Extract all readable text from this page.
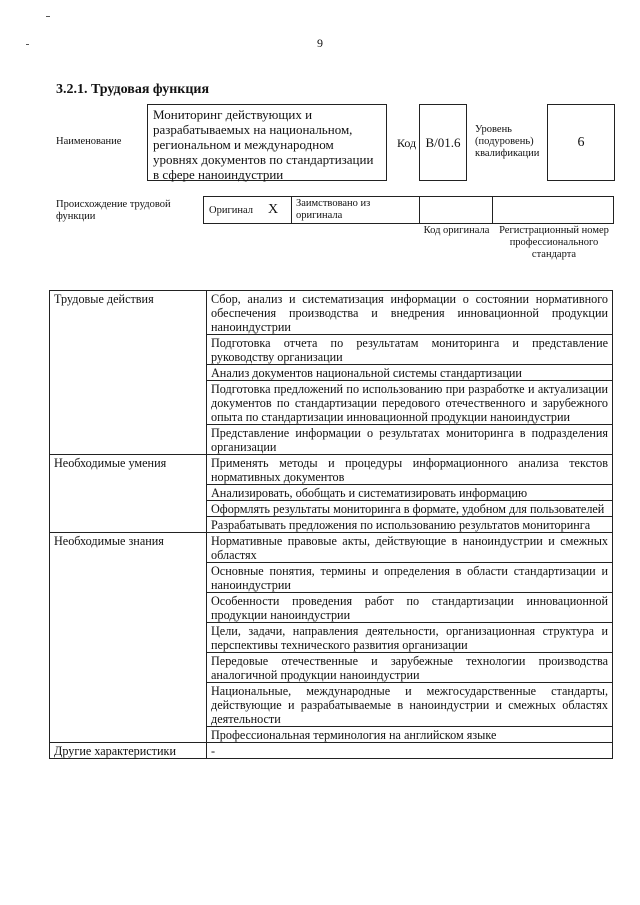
9
3.2.1. Трудовая функция
Наименование
Мониторинг действующих и разрабатываемых на национальном, региональном и международном уровнях документов по стандартизации в сфере наноиндустрии
Код B/01.6
Уровень (подуровень) квалификации
6
Происхождение трудовой функции
Оригинал X Заимствовано из оригинала
Код оригинала Регистрационный номер профессионального стандарта
Трудовые действия	Сбор, анализ и систематизация информации о состоянии нормативного обеспечения производства и внедрения инновационной продукции наноиндустрии
	Подготовка отчета по результатам мониторинга и представление руководству организации
	Анализ документов национальной системы стандартизации
	Подготовка предложений по использованию при разработке и актуализации документов по стандартизации передового отечественного и зарубежного опыта по стандартизации инновационной продукции наноиндустрии
	Представление информации о результатах мониторинга в подразделения организации
Необходимые умения	Применять методы и процедуры информационного анализа текстов нормативных документов
	Анализировать, обобщать и систематизировать информацию
	Оформлять результаты мониторинга в формате, удобном для пользователей
	Разрабатывать предложения по использованию результатов мониторинга
Необходимые знания	Нормативные правовые акты, действующие в наноиндустрии и смежных областях
	Основные понятия, термины и определения в области стандартизации и наноиндустрии
	Особенности проведения работ по стандартизации инновационной продукции наноиндустрии
	Цели, задачи, направления деятельности, организационная структура и перспективы технического развития организации
	Передовые отечественные и зарубежные технологии производства аналогичной продукции наноиндустрии
	Национальные, международные и межгосударственные стандарты, действующие и разрабатываемые в наноиндустрии и смежных областях деятельности
	Профессиональная терминология на английском языке
Другие характеристики	-
